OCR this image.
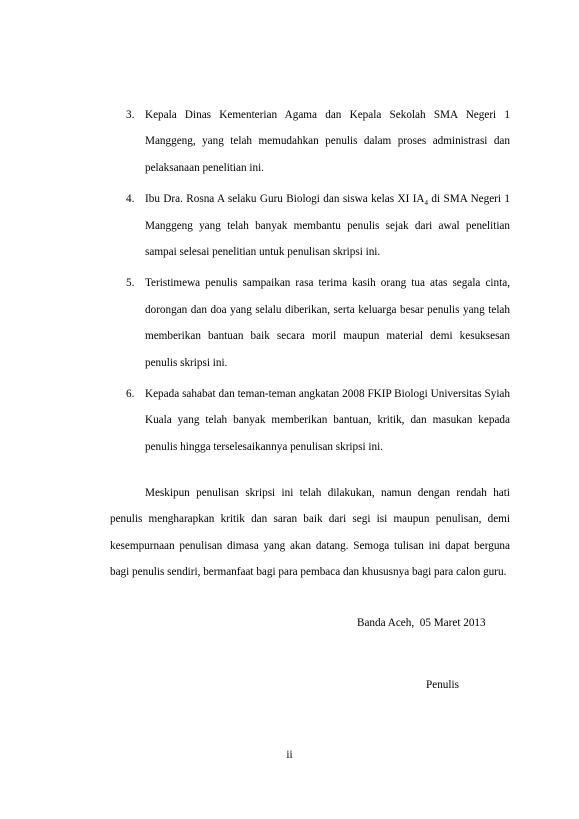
3. Kepala Dinas Kementerian Agama dan Kepala Sekolah SMA Negeri 1 Manggeng, yang telah memudahkan penulis dalam proses administrasi dan pelaksanaan penelitian ini.
4. Ibu Dra. Rosna A selaku Guru Biologi dan siswa kelas XI $IA_4$ di SMA Negeri 1 Manggeng yang telah banyak membantu penulis sejak dari awal penelitian sampai selesai penelitian untuk penulisan skripsi ini.
5. Teristimewa penulis sampaikan rasa terima kasih orang tua atas segala cinta, dorongan dan doa yang selalu diberikan, serta keluarga besar penulis yang telah memberikan bantuan baik secara moril maupun material demi kesuksesan penulis skripsi ini.
6. Kepada sahabat dan teman-teman angkatan 2008 FKIP Biologi Universitas Syiah Kuala yang telah banyak memberikan bantuan, kritik, dan masukan kepada penulis hingga terselesaikannya penulisan skripsi ini.

Meskipun penulisan skripsi ini telah dilakukan, namun dengan rendah hati penulis mengharapkan kritik dan saran baik dari segi isi maupun penulisan, demi kesempurnaan penulisan dimasa yang akan datang. Semoga tulisan ini dapat berguna bagi penulis sendiri, bermanfaat bagi para pembaca dan khususnya bagi para calon guru.

Banda Aceh,  05 Maret 2013
Penulis
ii
